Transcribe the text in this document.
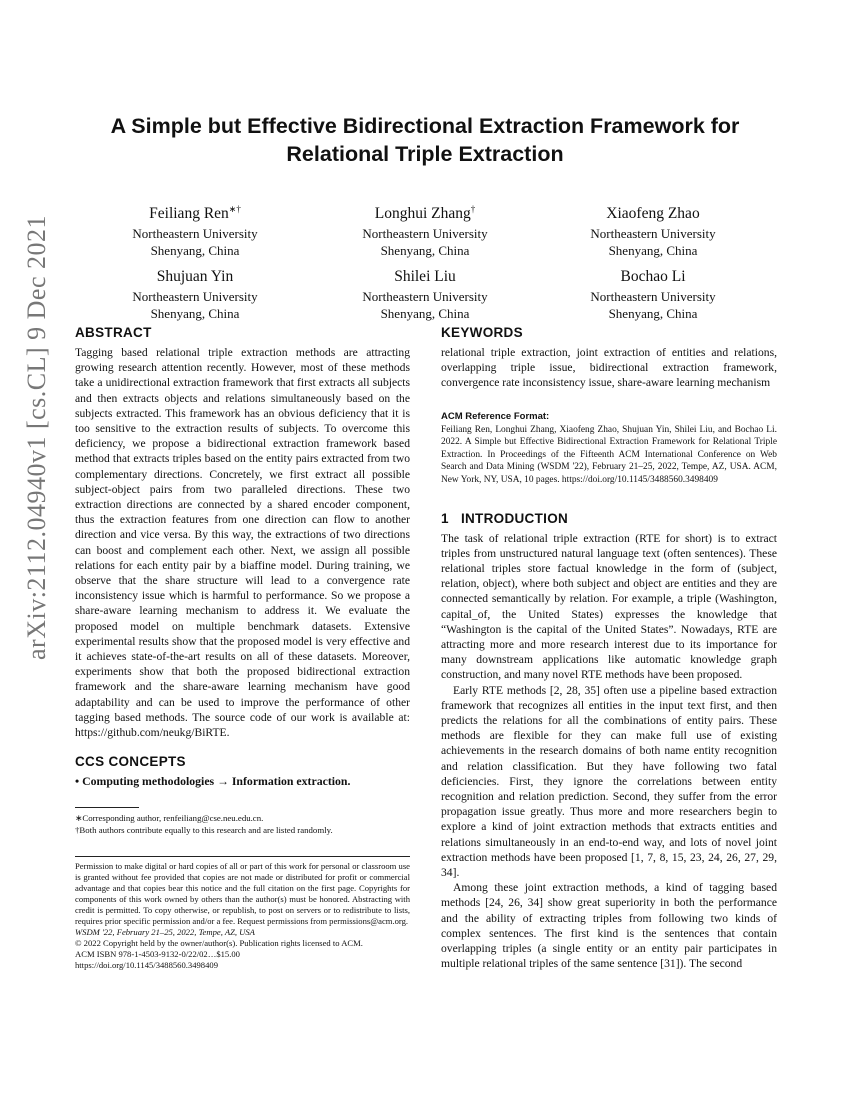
arXiv:2112.04940v1 [cs.CL] 9 Dec 2021
A Simple but Effective Bidirectional Extraction Framework for
Relational Triple Extraction
Feiliang Ren∗†
Northeastern University
Shenyang, China
Longhui Zhang†
Northeastern University
Shenyang, China
Xiaofeng Zhao
Northeastern University
Shenyang, China
Shujuan Yin
Northeastern University
Shenyang, China
Shilei Liu
Northeastern University
Shenyang, China
Bochao Li
Northeastern University
Shenyang, China
ABSTRACT

Tagging based relational triple extraction methods are attracting growing research attention recently. However, most of these methods take a unidirectional extraction framework that first extracts all subjects and then extracts objects and relations simultaneously based on the subjects extracted. This framework has an obvious deficiency that it is too sensitive to the extraction results of subjects. To overcome this deficiency, we propose a bidirectional extraction framework based method that extracts triples based on the entity pairs extracted from two complementary directions. Concretely, we first extract all possible subject-object pairs from two paralleled directions. These two extraction directions are connected by a shared encoder component, thus the extraction features from one direction can flow to another direction and vice versa. By this way, the extractions of two directions can boost and complement each other. Next, we assign all possible relations for each entity pair by a biaffine model. During training, we observe that the share structure will lead to a convergence rate inconsistency issue which is harmful to performance. So we propose a share-aware learning mechanism to address it. We evaluate the proposed model on multiple benchmark datasets. Extensive experimental results show that the proposed model is very effective and it achieves state-of-the-art results on all of these datasets. Moreover, experiments show that both the proposed bidirectional extraction framework and the share-aware learning mechanism have good adaptability and can be used to improve the performance of other tagging based methods. The source code of our work is available at: https://github.com/neukg/BiRTE.

CCS CONCEPTS

• Computing methodologies → Information extraction.

∗Corresponding author, renfeiliang@cse.neu.edu.cn.

†Both authors contribute equally to this research and are listed randomly.

Permission to make digital or hard copies of all or part of this work for personal or classroom use is granted without fee provided that copies are not made or distributed for profit or commercial advantage and that copies bear this notice and the full citation on the first page. Copyrights for components of this work owned by others than the author(s) must be honored. Abstracting with credit is permitted. To copy otherwise, or republish, to post on servers or to redistribute to lists, requires prior specific permission and/or a fee. Request permissions from permissions@acm.org.

WSDM '22, February 21–25, 2022, Tempe, AZ, USA

© 2022 Copyright held by the owner/author(s). Publication rights licensed to ACM.

ACM ISBN 978-1-4503-9132-0/22/02…$15.00

https://doi.org/10.1145/3488560.3498409

KEYWORDS

relational triple extraction, joint extraction of entities and relations, overlapping triple issue, bidirectional extraction framework, convergence rate inconsistency issue, share-aware learning mechanism

ACM Reference Format:

Feiliang Ren, Longhui Zhang, Xiaofeng Zhao, Shujuan Yin, Shilei Liu, and Bochao Li. 2022. A Simple but Effective Bidirectional Extraction Framework for Relational Triple Extraction. In Proceedings of the Fifteenth ACM International Conference on Web Search and Data Mining (WSDM '22), February 21–25, 2022, Tempe, AZ, USA. ACM, New York, NY, USA, 10 pages. https://doi.org/10.1145/3488560.3498409

1   INTRODUCTION

The task of relational triple extraction (RTE for short) is to extract triples from unstructured natural language text (often sentences). These relational triples store factual knowledge in the form of (subject, relation, object), where both subject and object are entities and they are connected semantically by relation. For example, a triple (Washington, capital_of, the United States) expresses the knowledge that “Washington is the capital of the United States”. Nowadays, RTE are attracting more and more research interest due to its importance for many downstream applications like automatic knowledge graph construction, and many novel RTE methods have been proposed.

Early RTE methods [2, 28, 35] often use a pipeline based extraction framework that recognizes all entities in the input text first, and then predicts the relations for all the combinations of entity pairs. These methods are flexible for they can make full use of existing achievements in the research domains of both name entity recognition and relation classification. But they have following two fatal deficiencies. First, they ignore the correlations between entity recognition and relation prediction. Second, they suffer from the error propagation issue greatly. Thus more and more researchers begin to explore a kind of joint extraction methods that extracts entities and relations simultaneously in an end-to-end way, and lots of novel joint extraction methods have been proposed [1, 7, 8, 15, 23, 24, 26, 27, 29, 34].

Among these joint extraction methods, a kind of tagging based methods [24, 26, 34] show great superiority in both the performance and the ability of extracting triples from following two kinds of complex sentences. The first kind is the sentences that contain overlapping triples (a single entity or an entity pair participates in multiple relational triples of the same sentence [31]). The second
